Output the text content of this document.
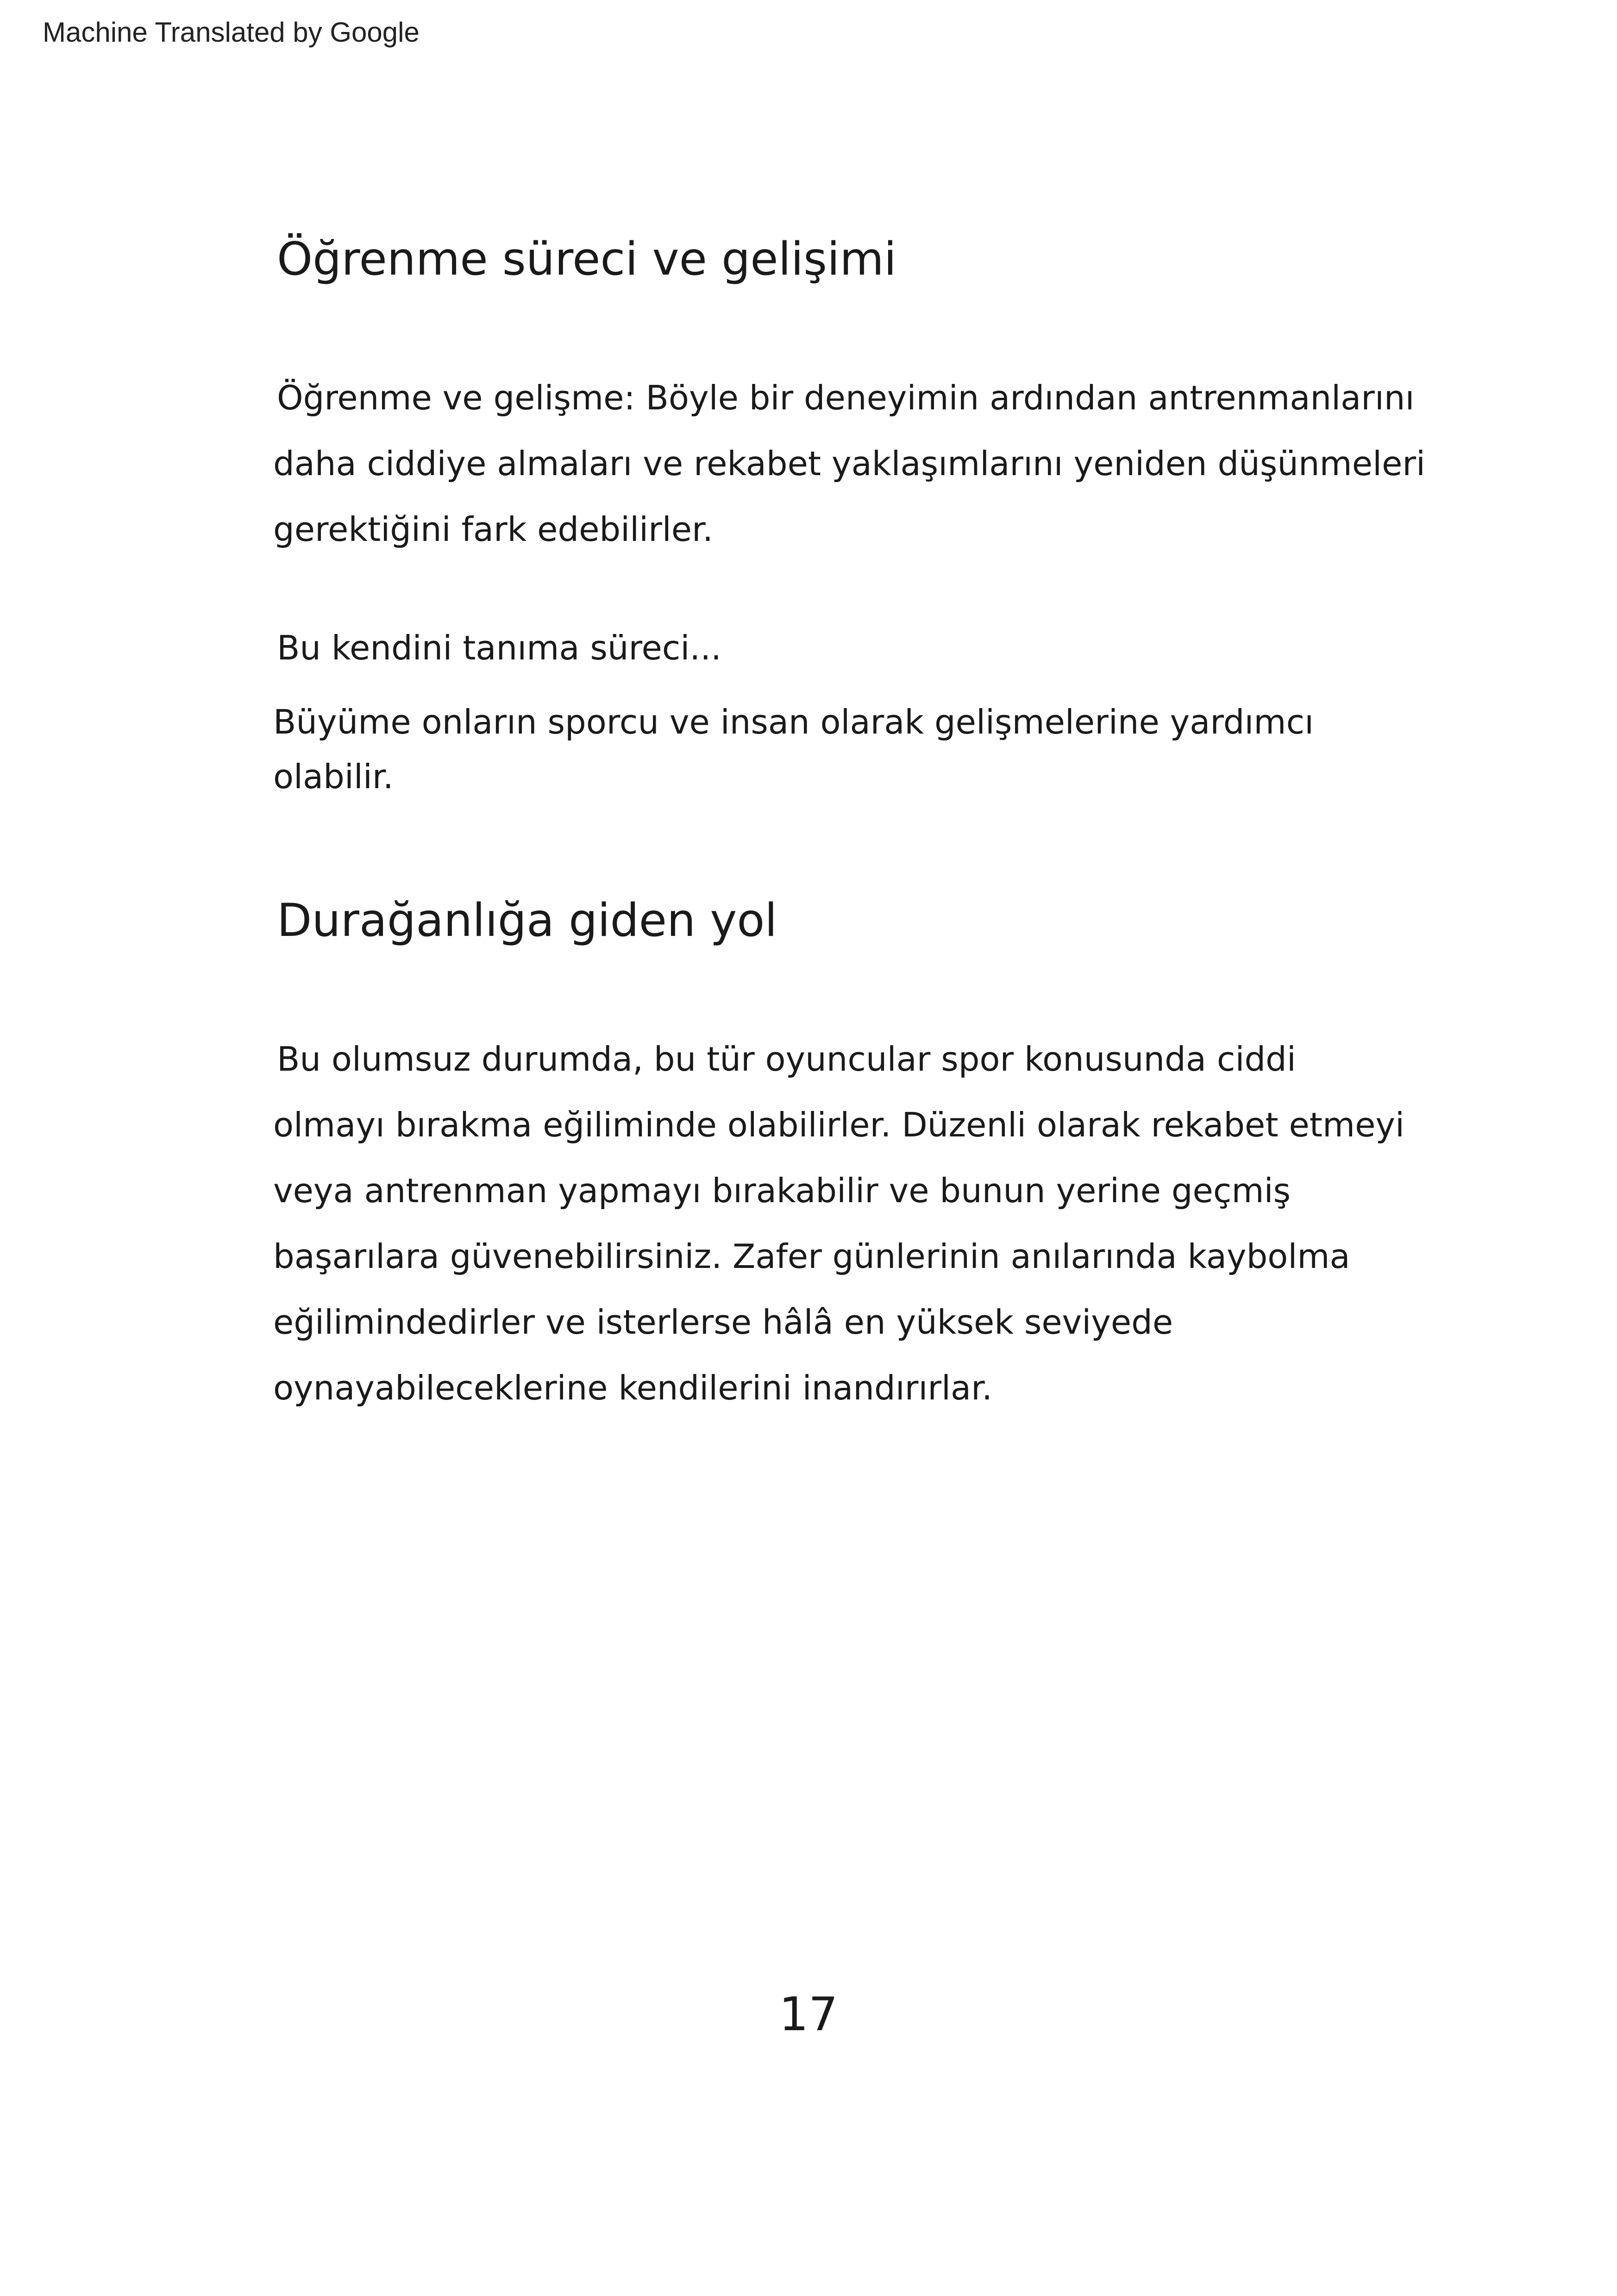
Machine Translated by Google
Öğrenme süreci ve gelişimi

Öğrenme ve gelişme: Böyle bir deneyimin ardından antrenmanlarını
daha ciddiye almaları ve rekabet yaklaşımlarını yeniden düşünmeleri
gerektiğini fark edebilirler.

Bu kendini tanıma süreci...

Büyüme onların sporcu ve insan olarak gelişmelerine yardımcı
olabilir.

Durağanlığa giden yol

Bu olumsuz durumda, bu tür oyuncular spor konusunda ciddi
olmayı bırakma eğiliminde olabilirler. Düzenli olarak rekabet etmeyi
veya antrenman yapmayı bırakabilir ve bunun yerine geçmiş
başarılara güvenebilirsiniz. Zafer günlerinin anılarında kaybolma
eğilimindedirler ve isterlerse hâlâ en yüksek seviyede
oynayabileceklerine kendilerini inandırırlar.

17
